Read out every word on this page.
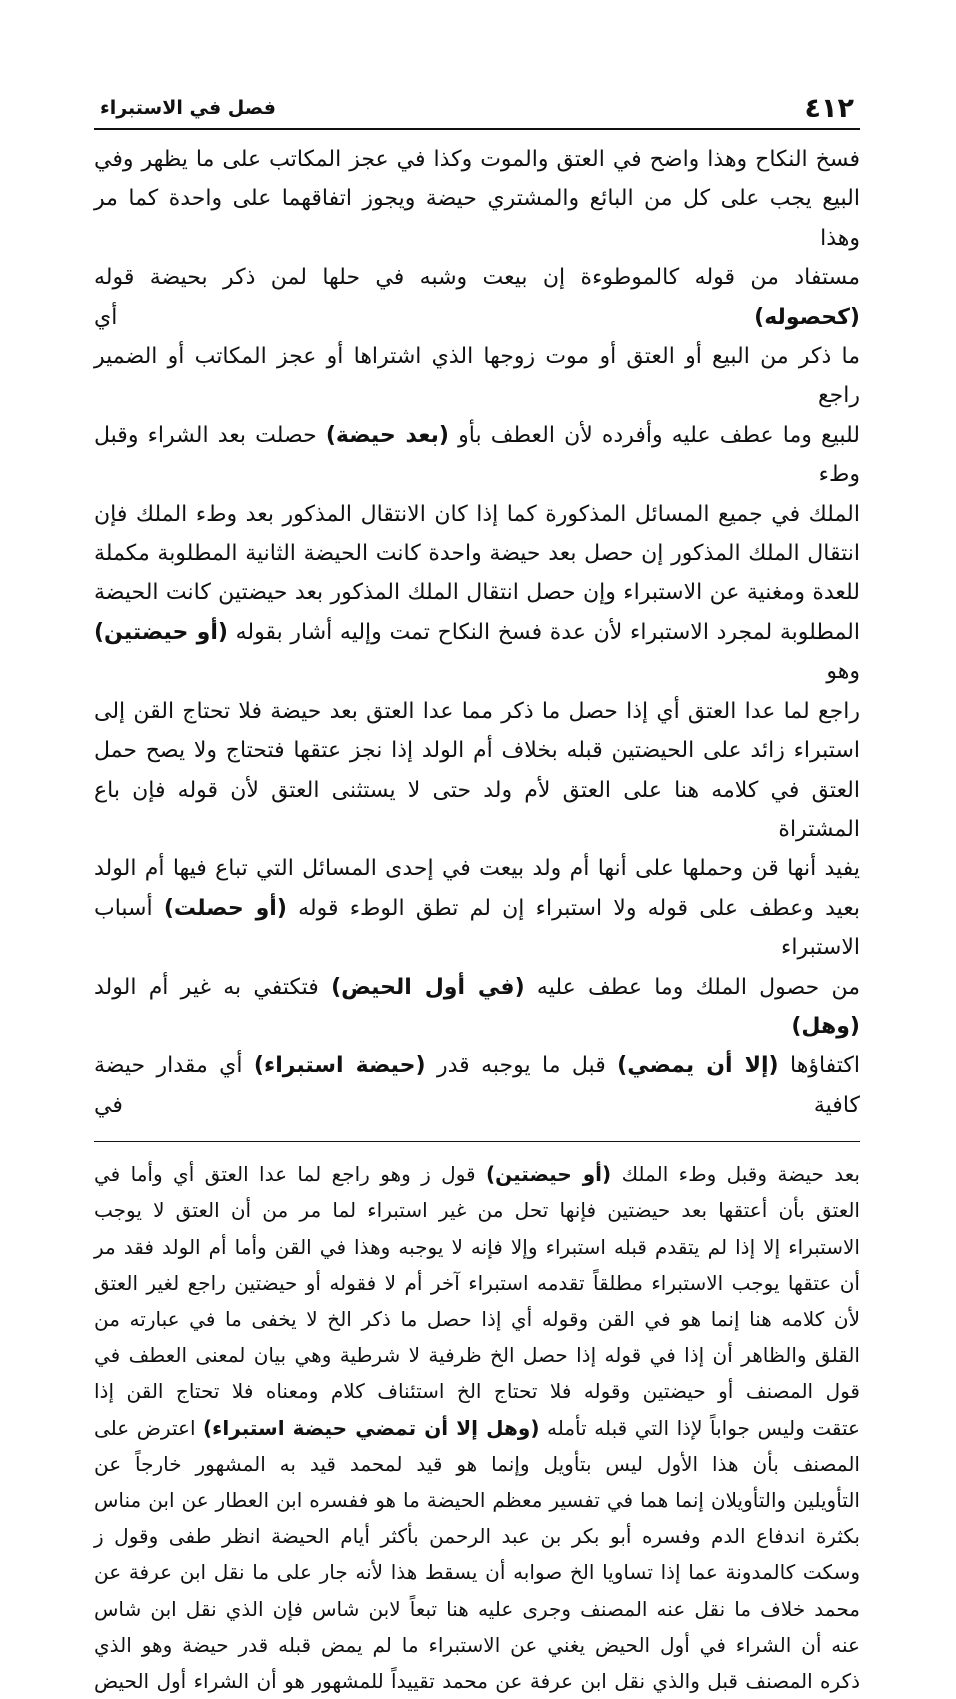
٤١٢
فصل في الاستبراء

فسخ النكاح وهذا واضح في العتق والموت وكذا في عجز المكاتب على ما يظهر وفي

البيع يجب على كل من البائع والمشتري حيضة ويجوز اتفاقهما على واحدة كما مر وهذا

مستفاد من قوله كالموطوءة إن بيعت وشبه في حلها لمن ذكر بحيضة قوله (كحصوله) أي

ما ذكر من البيع أو العتق أو موت زوجها الذي اشتراها أو عجز المكاتب أو الضمير راجع

للبيع وما عطف عليه وأفرده لأن العطف بأو (بعد حيضة) حصلت بعد الشراء وقبل وطء

الملك في جميع المسائل المذكورة كما إذا كان الانتقال المذكور بعد وطء الملك فإن

انتقال الملك المذكور إن حصل بعد حيضة واحدة كانت الحيضة الثانية المطلوبة مكملة

للعدة ومغنية عن الاستبراء وإن حصل انتقال الملك المذكور بعد حيضتين كانت الحيضة

المطلوبة لمجرد الاستبراء لأن عدة فسخ النكاح تمت وإليه أشار بقوله (أو حيضتين) وهو

راجع لما عدا العتق أي إذا حصل ما ذكر مما عدا العتق بعد حيضة فلا تحتاج القن إلى

استبراء زائد على الحيضتين قبله بخلاف أم الولد إذا نجز عتقها فتحتاج ولا يصح حمل

العتق في كلامه هنا على العتق لأم ولد حتى لا يستثنى العتق لأن قوله فإن باع المشتراة

يفيد أنها قن وحملها على أنها أم ولد بيعت في إحدى المسائل التي تباع فيها أم الولد

بعيد وعطف على قوله ولا استبراء إن لم تطق الوطء قوله (أو حصلت) أسباب الاستبراء

من حصول الملك وما عطف عليه (في أول الحيض) فتكتفي به غير أم الولد (وهل)

اكتفاؤها (إلا أن يمضي) قبل ما يوجبه قدر (حيضة استبراء) أي مقدار حيضة كافية في

بعد حيضة وقبل وطء الملك (أو حيضتين) قول ز وهو راجع لما عدا العتق أي وأما في

العتق بأن أعتقها بعد حيضتين فإنها تحل من غير استبراء لما مر من أن العتق لا يوجب

الاستبراء إلا إذا لم يتقدم قبله استبراء وإلا فإنه لا يوجبه وهذا في القن وأما أم الولد فقد مر

أن عتقها يوجب الاستبراء مطلقاً تقدمه استبراء آخر أم لا فقوله أو حيضتين راجع لغير العتق

لأن كلامه هنا إنما هو في القن وقوله أي إذا حصل ما ذكر الخ لا يخفى ما في عبارته من

القلق والظاهر أن إذا في قوله إذا حصل الخ ظرفية لا شرطية وهي بيان لمعنى العطف في

قول المصنف أو حيضتين وقوله فلا تحتاج الخ استئناف كلام ومعناه فلا تحتاج القن إذا

عتقت وليس جواباً لإذا التي قبله تأمله (وهل إلا أن تمضي حيضة استبراء) اعترض على

المصنف بأن هذا الأول ليس بتأويل وإنما هو قيد لمحمد قيد به المشهور خارجاً عن

التأويلين والتأويلان إنما هما في تفسير معظم الحيضة ما هو ففسره ابن العطار عن ابن مناس

بكثرة اندفاع الدم وفسره أبو بكر بن عبد الرحمن بأكثر أيام الحيضة انظر طفى وقول ز

وسكت كالمدونة عما إذا تساويا الخ صوابه أن يسقط هذا لأنه جار على ما نقل ابن عرفة عن

محمد خلاف ما نقل عنه المصنف وجرى عليه هنا تبعاً لابن شاس فإن الذي نقل ابن شاس

عنه أن الشراء في أول الحيض يغني عن الاستبراء ما لم يمض قبله قدر حيضة وهو الذي

ذكره المصنف قبل والذي نقل ابن عرفة عن محمد تقييداً للمشهور هو أن الشراء أول الحيض
